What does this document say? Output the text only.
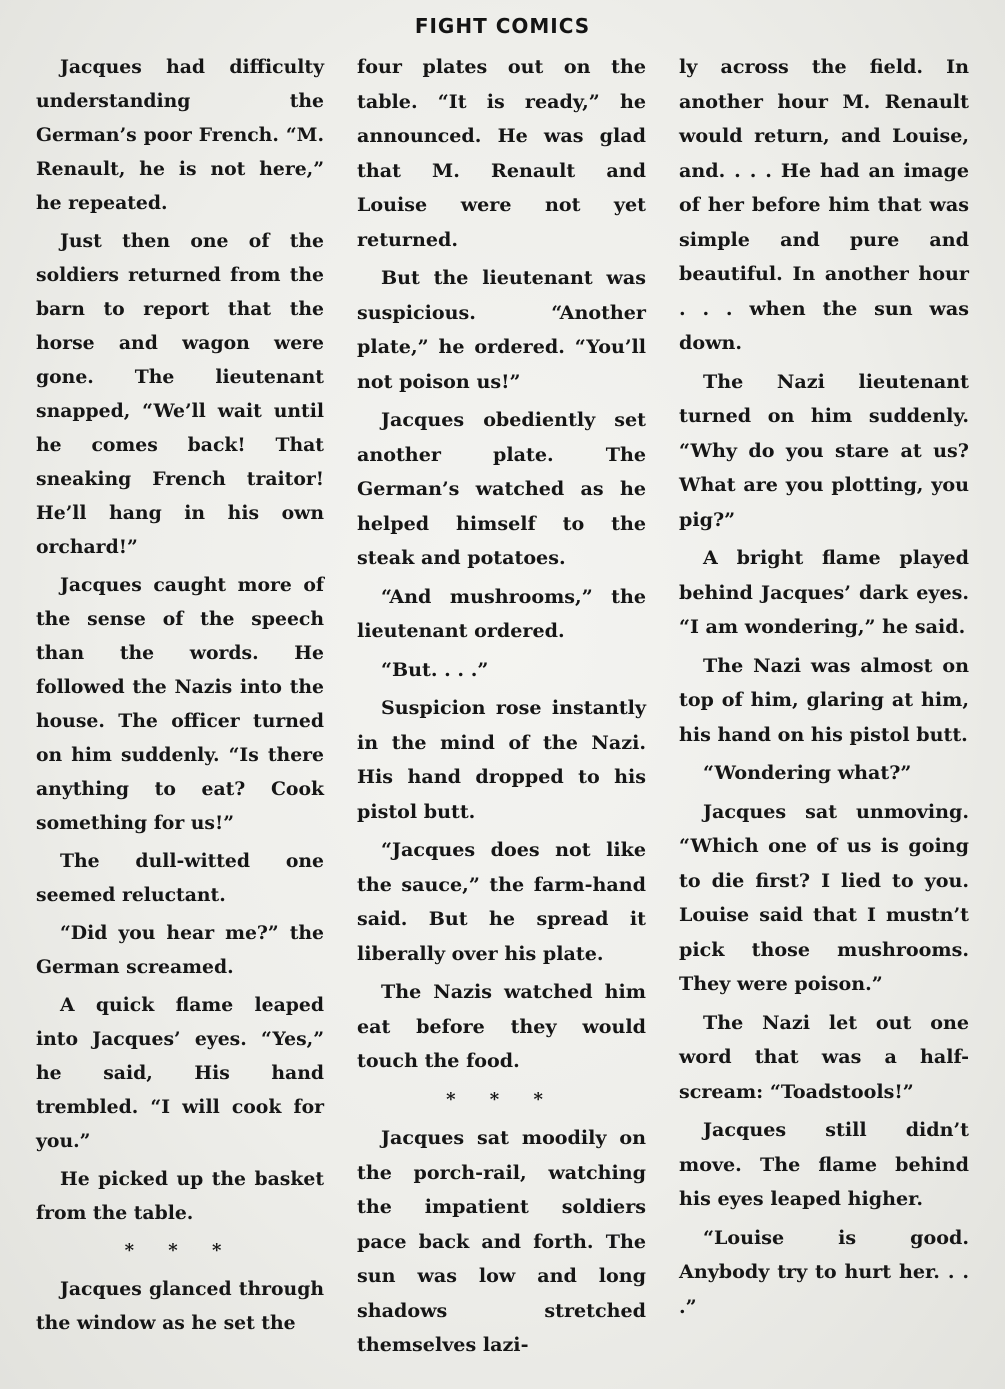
FIGHT COMICS

Jacques had difficulty understanding the German’s poor French. “M. Renault, he is not here,” he repeated.

Just then one of the soldiers returned from the barn to report that the horse and wagon were gone. The lieutenant snapped, “We’ll wait until he comes back! That sneaking French traitor! He’ll hang in his own orchard!”

Jacques caught more of the sense of the speech than the words. He followed the Nazis into the house. The officer turned on him suddenly. “Is there anything to eat? Cook something for us!”

The dull-witted one seemed reluctant.

“Did you hear me?” the German screamed.

A quick flame leaped into Jacques’ eyes. “Yes,” he said, His hand trembled. “I will cook for you.”

He picked up the basket from the table.

* * *

Jacques glanced through the window as he set the

four plates out on the table. “It is ready,” he announced. He was glad that M. Renault and Louise were not yet returned.

But the lieutenant was suspicious. “Another plate,” he ordered. “You’ll not poison us!”

Jacques obediently set another plate. The German’s watched as he helped himself to the steak and potatoes.

“And mushrooms,” the lieutenant ordered.

“But. . . .”

Suspicion rose instantly in the mind of the Nazi. His hand dropped to his pistol butt.

“Jacques does not like the sauce,” the farm-hand said. But he spread it liberally over his plate.

The Nazis watched him eat before they would touch the food.

* * *

Jacques sat moodily on the porch-rail, watching the impatient soldiers pace back and forth. The sun was low and long shadows stretched themselves lazi-

ly across the field. In another hour M. Renault would return, and Louise, and. . . . He had an image of her before him that was simple and pure and beautiful. In another hour . . . when the sun was down.

The Nazi lieutenant turned on him suddenly. “Why do you stare at us? What are you plotting, you pig?”

A bright flame played behind Jacques’ dark eyes. “I am wondering,” he said.

The Nazi was almost on top of him, glaring at him, his hand on his pistol butt.

“Wondering what?”

Jacques sat unmoving. “Which one of us is going to die first? I lied to you. Louise said that I mustn’t pick those mushrooms. They were poison.”

The Nazi let out one word that was a half-scream: “Toadstools!”

Jacques still didn’t move. The flame behind his eyes leaped higher.

“Louise is good. Anybody try to hurt her. . . .”
